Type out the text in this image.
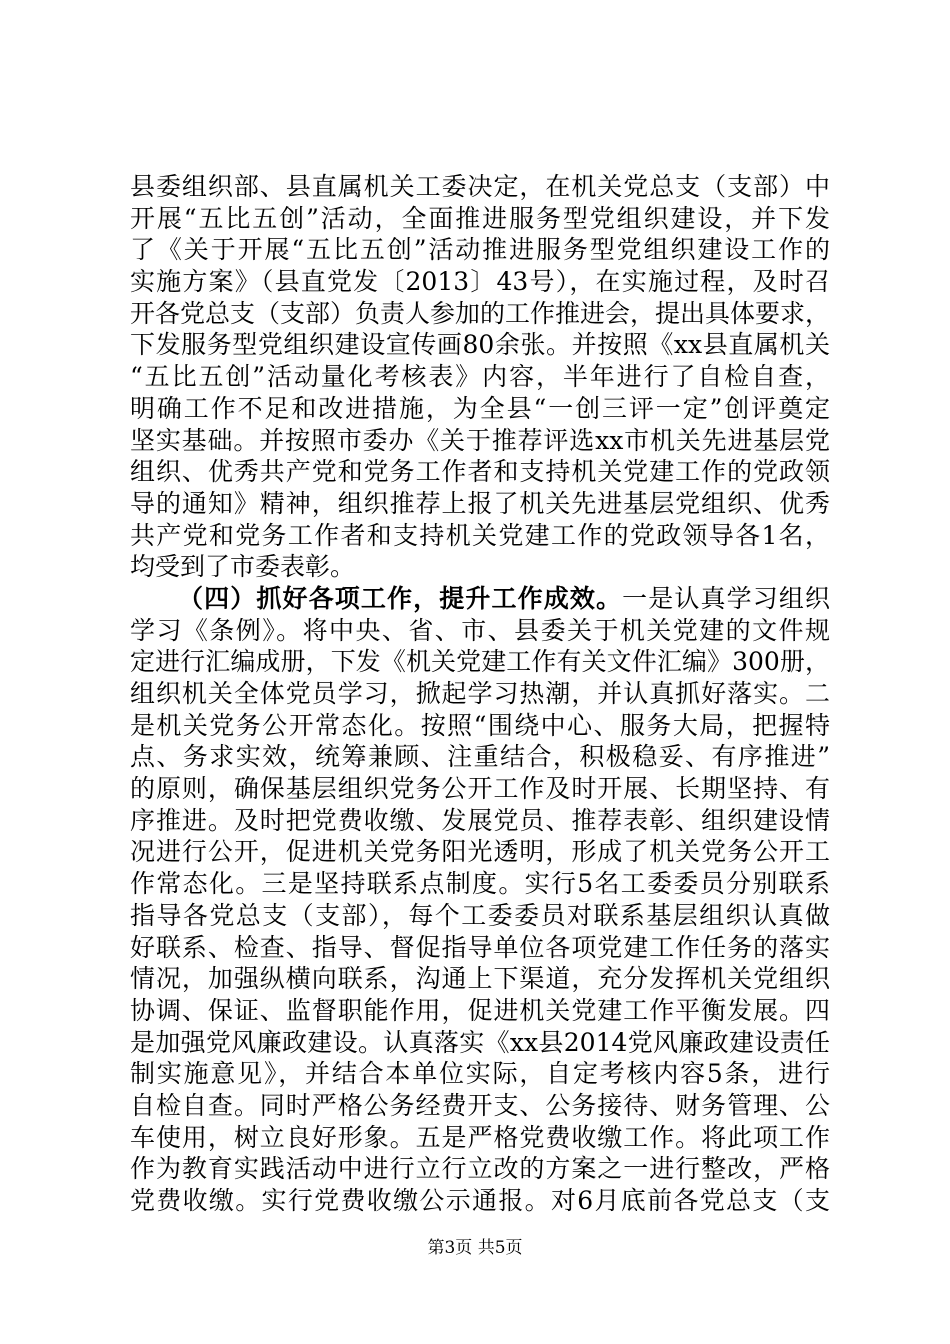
县委组织部、县直属机关工委决定，在机关党总支（支部）中
开展“五比五创”活动，全面推进服务型党组织建设，并下发
了《关于开展“五比五创”活动推进服务型党组织建设工作的
实施方案》（县直党发〔2013〕43号），在实施过程，及时召
开各党总支（支部）负责人参加的工作推进会，提出具体要求，
下发服务型党组织建设宣传画80余张。并按照《xx县直属机关
“五比五创”活动量化考核表》内容，半年进行了自检自查，
明确工作不足和改进措施，为全县“一创三评一定”创评奠定
坚实基础。并按照市委办《关于推荐评选xx市机关先进基层党
组织、优秀共产党和党务工作者和支持机关党建工作的党政领
导的通知》精神，组织推荐上报了机关先进基层党组织、优秀
共产党和党务工作者和支持机关党建工作的党政领导各1名，
均受到了市委表彰。
（四）抓好各项工作，提升工作成效。一是认真学习组织
学习《条例》。将中央、省、市、县委关于机关党建的文件规
定进行汇编成册，下发《机关党建工作有关文件汇编》300册，
组织机关全体党员学习，掀起学习热潮，并认真抓好落实。二
是机关党务公开常态化。按照“围绕中心、服务大局，把握特
点、务求实效，统筹兼顾、注重结合，积极稳妥、有序推进”
的原则，确保基层组织党务公开工作及时开展、长期坚持、有
序推进。及时把党费收缴、发展党员、推荐表彰、组织建设情
况进行公开，促进机关党务阳光透明，形成了机关党务公开工
作常态化。三是坚持联系点制度。实行5名工委委员分别联系
指导各党总支（支部），每个工委委员对联系基层组织认真做
好联系、检查、指导、督促指导单位各项党建工作任务的落实
情况，加强纵横向联系，沟通上下渠道，充分发挥机关党组织
协调、保证、监督职能作用，促进机关党建工作平衡发展。四
是加强党风廉政建设。认真落实《xx县2014党风廉政建设责任
制实施意见》，并结合本单位实际，自定考核内容5条，进行
自检自查。同时严格公务经费开支、公务接待、财务管理、公
车使用，树立良好形象。五是严格党费收缴工作。将此项工作
作为教育实践活动中进行立行立改的方案之一进行整改，严格
党费收缴。实行党费收缴公示通报。对6月底前各党总支（支
第3页 共5页
